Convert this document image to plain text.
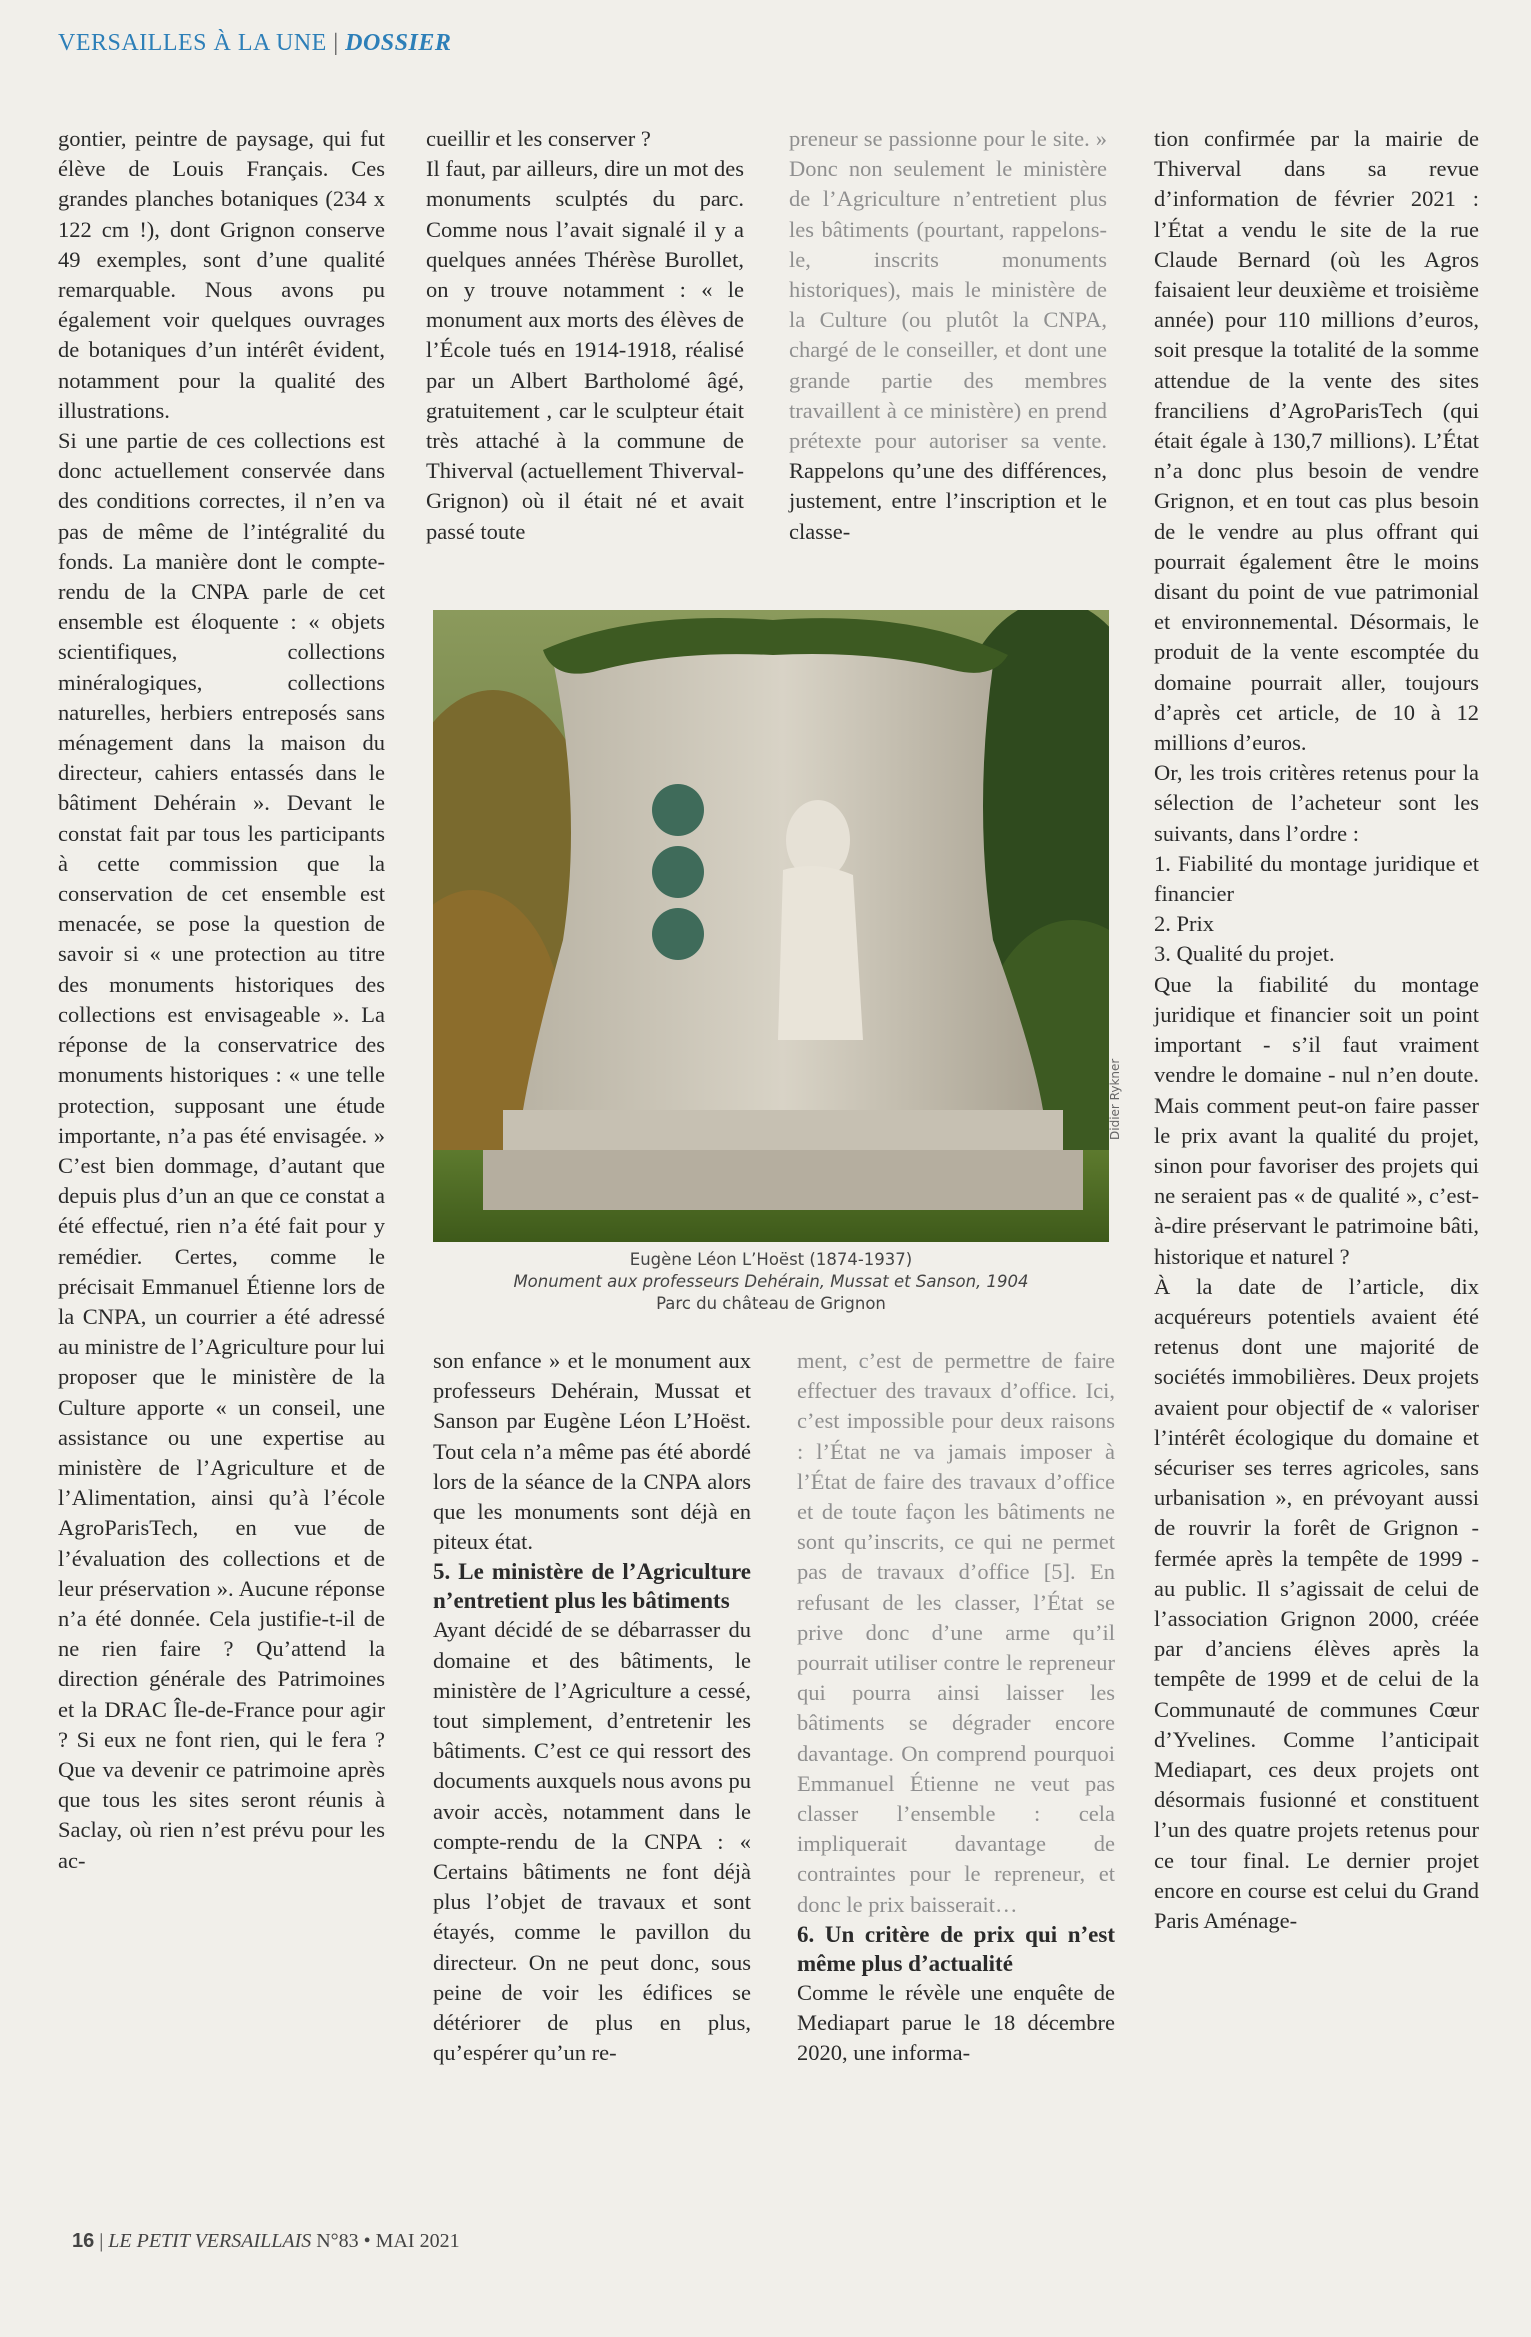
VERSAILLES À LA UNE | DOSSIER

gontier, peintre de paysage, qui fut élève de Louis Français. Ces grandes planches botaniques (234 x 122 cm !), dont Grignon conserve 49 exemples, sont d’une qualité remarquable. Nous avons pu également voir quelques ouvrages de botaniques d’un intérêt évident, notamment pour la qualité des illustrations.

Si une partie de ces collections est donc actuellement conservée dans des conditions correctes, il n’en va pas de même de l’intégralité du fonds. La manière dont le compte-rendu de la CNPA parle de cet ensemble est éloquente : « objets scientifiques, collections minéralogiques, collections naturelles, herbiers entreposés sans ménagement dans la maison du directeur, cahiers entassés dans le bâtiment Dehérain ». Devant le constat fait par tous les participants à cette commission que la conservation de cet ensemble est menacée, se pose la question de savoir si « une protection au titre des monuments historiques des collections est envisageable ». La réponse de la conservatrice des monuments historiques : « une telle protection, supposant une étude importante, n’a pas été envisagée. » C’est bien dommage, d’autant que depuis plus d’un an que ce constat a été effectué, rien n’a été fait pour y remédier. Certes, comme le précisait Emmanuel Étienne lors de la CNPA, un courrier a été adressé au ministre de l’Agriculture pour lui proposer que le ministère de la Culture apporte « un conseil, une assistance ou une expertise au ministère de l’Agriculture et de l’Alimentation, ainsi qu’à l’école AgroParisTech, en vue de l’évaluation des collections et de leur préservation ». Aucune réponse n’a été donnée. Cela justifie-t-il de ne rien faire ? Qu’attend la direction générale des Patrimoines et la DRAC Île-de-France pour agir ? Si eux ne font rien, qui le fera ? Que va devenir ce patrimoine après que tous les sites seront réunis à Saclay, où rien n’est prévu pour les ac-

cueillir et les conserver ?

Il faut, par ailleurs, dire un mot des monuments sculptés du parc. Comme nous l’avait signalé il y a quelques années Thérèse Burollet, on y trouve notamment : « le monument aux morts des élèves de l’École tués en 1914-1918, réalisé par un Albert Bartholomé âgé, gratuitement , car le sculpteur était très attaché à la commune de Thiverval (actuellement Thiverval-Grignon) où il était né et avait passé toute

preneur se passionne pour le site. » Donc non seulement le ministère de l’Agriculture n’entretient plus les bâtiments (pourtant, rappelons-le, inscrits monuments historiques), mais le ministère de la Culture (ou plutôt la CNPA, chargé de le conseiller, et dont une grande partie des membres travaillent à ce ministère) en prend prétexte pour autoriser sa vente. Rappelons qu’une des différences, justement, entre l’inscription et le classe-

Didier Rykner
Eugène Léon L’Hoëst (1874-1937)
Monument aux professeurs Dehérain, Mussat et Sanson, 1904
Parc du château de Grignon

son enfance » et le monument aux professeurs Dehérain, Mussat et Sanson par Eugène Léon L’Hoëst. Tout cela n’a même pas été abordé lors de la séance de la CNPA alors que les monuments sont déjà en piteux état.

5. Le ministère de l’Agriculture n’entretient plus les bâtiments

Ayant décidé de se débarrasser du domaine et des bâtiments, le ministère de l’Agriculture a cessé, tout simplement, d’entretenir les bâtiments. C’est ce qui ressort des documents auxquels nous avons pu avoir accès, notamment dans le compte-rendu de la CNPA : « Certains bâtiments ne font déjà plus l’objet de travaux et sont étayés, comme le pavillon du directeur. On ne peut donc, sous peine de voir les édifices se détériorer de plus en plus, qu’espérer qu’un re-

ment, c’est de permettre de faire effectuer des travaux d’office. Ici, c’est impossible pour deux raisons : l’État ne va jamais imposer à l’État de faire des travaux d’office et de toute façon les bâtiments ne sont qu’inscrits, ce qui ne permet pas de travaux d’office [5]. En refusant de les classer, l’État se prive donc d’une arme qu’il pourrait utiliser contre le repreneur qui pourra ainsi laisser les bâtiments se dégrader encore davantage. On comprend pourquoi Emmanuel Étienne ne veut pas classer l’ensemble : cela impliquerait davantage de contraintes pour le repreneur, et donc le prix baisserait…

6. Un critère de prix qui n’est même plus d’actualité

Comme le révèle une enquête de Mediapart parue le 18 décembre 2020, une informa-

tion confirmée par la mairie de Thiverval dans sa revue d’information de février 2021 : l’État a vendu le site de la rue Claude Bernard (où les Agros faisaient leur deuxième et troisième année) pour 110 millions d’euros, soit presque la totalité de la somme attendue de la vente des sites franciliens d’AgroParisTech (qui était égale à 130,7 millions). L’État n’a donc plus besoin de vendre Grignon, et en tout cas plus besoin de le vendre au plus offrant qui pourrait également être le moins disant du point de vue patrimonial et environnemental. Désormais, le produit de la vente escomptée du domaine pourrait aller, toujours d’après cet article, de 10 à 12 millions d’euros.

Or, les trois critères retenus pour la sélection de l’acheteur sont les suivants, dans l’ordre :

1. Fiabilité du montage juridique et financier

2. Prix

3. Qualité du projet.

Que la fiabilité du montage juridique et financier soit un point important - s’il faut vraiment vendre le domaine - nul n’en doute. Mais comment peut-on faire passer le prix avant la qualité du projet, sinon pour favoriser des projets qui ne seraient pas « de qualité », c’est-à-dire préservant le patrimoine bâti, historique et naturel ?

À la date de l’article, dix acquéreurs potentiels avaient été retenus dont une majorité de sociétés immobilières. Deux projets avaient pour objectif de « valoriser l’intérêt écologique du domaine et sécuriser ses terres agricoles, sans urbanisation », en prévoyant aussi de rouvrir la forêt de Grignon - fermée après la tempête de 1999 - au public. Il s’agissait de celui de l’association Grignon 2000, créée par d’anciens élèves après la tempête de 1999 et de celui de la Communauté de communes Cœur d’Yvelines. Comme l’anticipait Mediapart, ces deux projets ont désormais fusionné et constituent l’un des quatre projets retenus pour ce tour final. Le dernier projet encore en course est celui du Grand Paris Aménage-

16 | LE PETIT VERSAILLAIS N°83 • MAI 2021
